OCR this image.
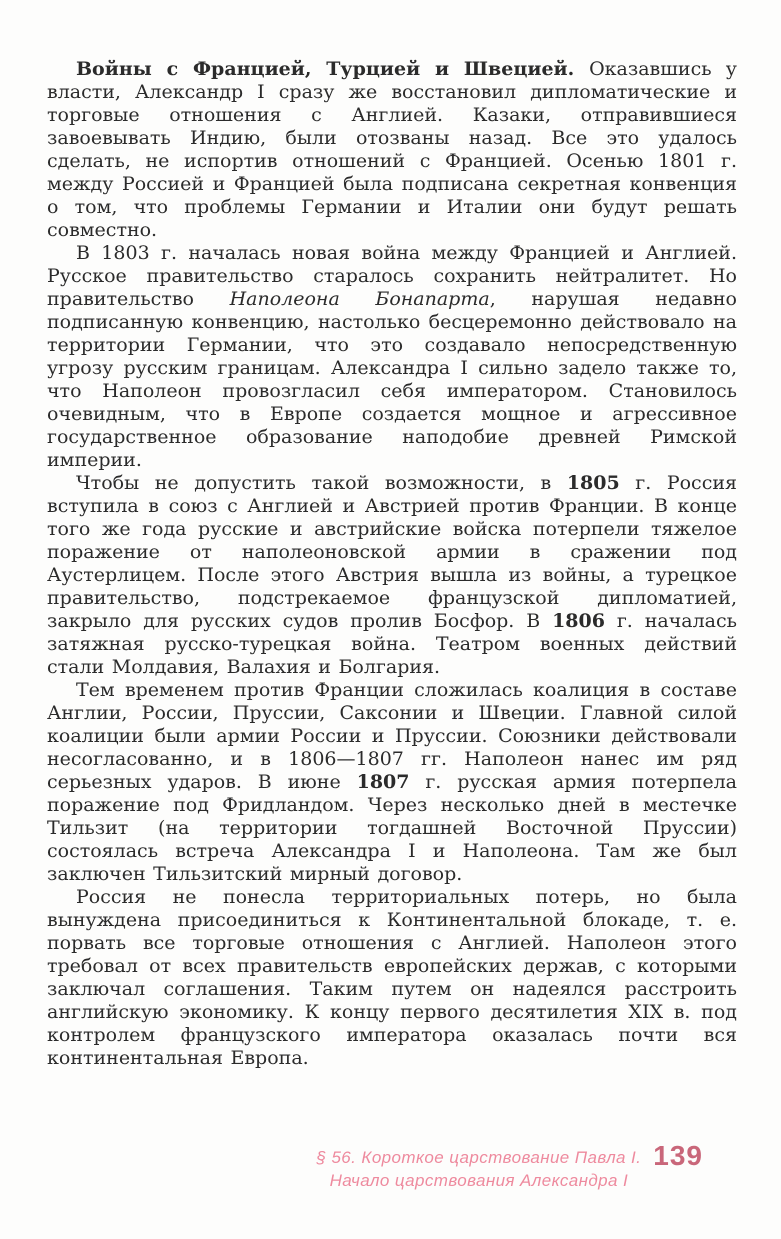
Войны с Францией, Турцией и Швецией. Оказавшись у власти, Александр I сразу же восстановил дипломатические и торговые отношения с Англией. Казаки, отправившиеся завоевывать Индию, были отозваны назад. Все это удалось сделать, не испортив отношений с Францией. Осенью 1801 г. между Россией и Францией была подписана секретная конвенция о том, что проблемы Германии и Италии они будут решать совместно.

В 1803 г. началась новая война между Францией и Англией. Русское правительство старалось сохранить нейтралитет. Но правительство Наполеона Бонапарта, нарушая недавно подписанную конвенцию, настолько бесцеремонно действовало на территории Германии, что это создавало непосредственную угрозу русским границам. Александра I сильно задело также то, что Наполеон провозгласил себя императором. Становилось очевидным, что в Европе создается мощное и агрессивное государственное образование наподобие древней Римской империи.

Чтобы не допустить такой возможности, в 1805 г. Россия вступила в союз с Англией и Австрией против Франции. В конце того же года русские и австрийские войска потерпели тяжелое поражение от наполеоновской армии в сражении под Аустерлицем. После этого Австрия вышла из войны, а турецкое правительство, подстрекаемое французской дипломатией, закрыло для русских судов пролив Босфор. В 1806 г. началась затяжная русско-турецкая война. Театром военных действий стали Молдавия, Валахия и Болгария.

Тем временем против Франции сложилась коалиция в составе Англии, России, Пруссии, Саксонии и Швеции. Главной силой коалиции были армии России и Пруссии. Союзники действовали несогласованно, и в 1806—1807 гг. Наполеон нанес им ряд серьезных ударов. В июне 1807 г. русская армия потерпела поражение под Фридландом. Через несколько дней в местечке Тильзит (на территории тогдашней Восточной Пруссии) состоялась встреча Александра I и Наполеона. Там же был заключен Тильзитский мирный договор.

Россия не понесла территориальных потерь, но была вынуждена присоединиться к Континентальной блокаде, т. е. порвать все торговые отношения с Англией. Наполеон этого требовал от всех правительств европейских держав, с которыми заключал соглашения. Таким путем он надеялся расстроить английскую экономику. К концу первого десятилетия XIX в. под контролем французского императора оказалась почти вся континентальная Европа.

§ 56. Короткое царствование Павла I.
Начало царствования Александра I
139
